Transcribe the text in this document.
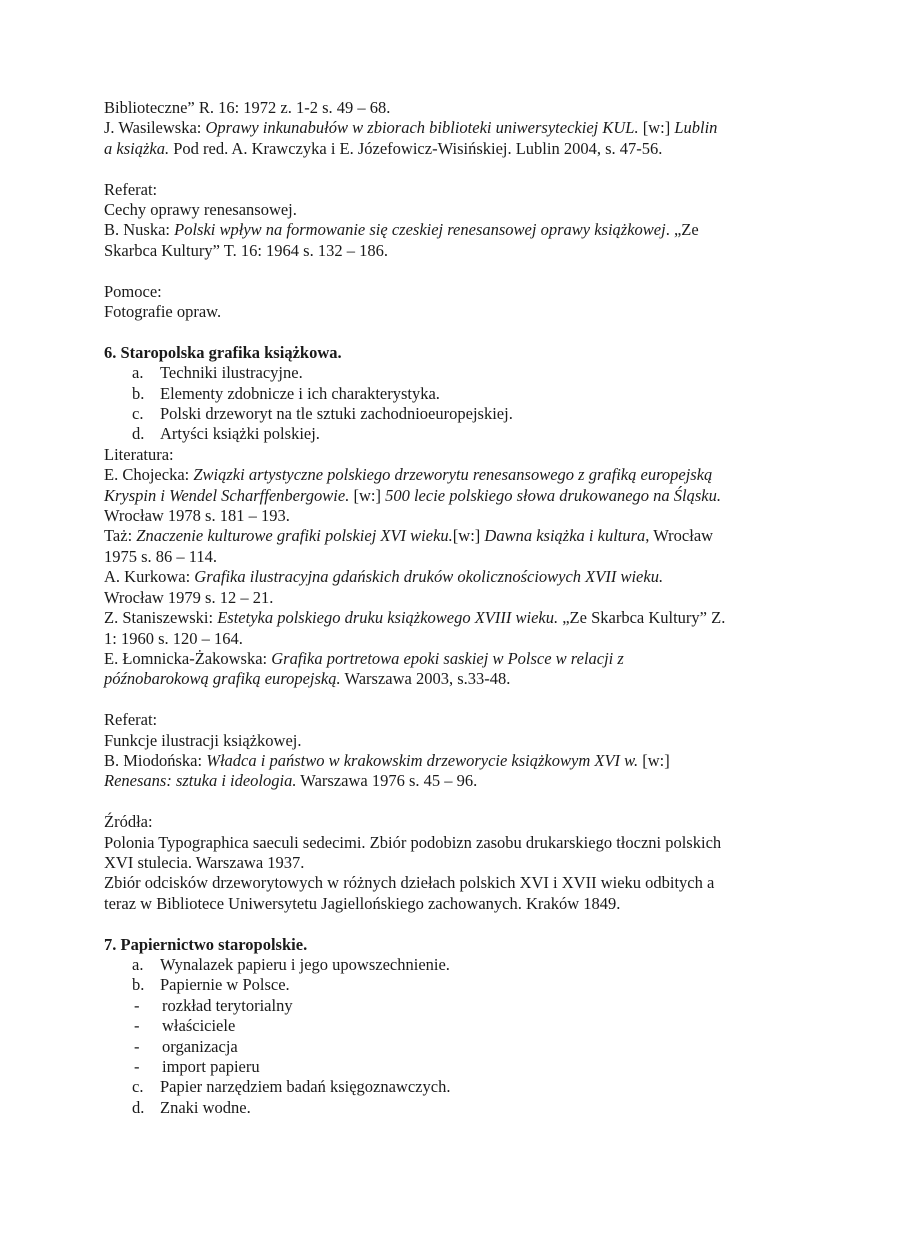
Biblioteczne” R. 16: 1972 z. 1-2 s. 49 – 68.
J. Wasilewska: Oprawy inkunabułów w zbiorach biblioteki uniwersyteckiej KUL. [w:] Lublin
a książka. Pod red. A. Krawczyka i E. Józefowicz-Wisińskiej. Lublin 2004, s. 47-56.
Referat:
Cechy oprawy renesansowej.
B. Nuska: Polski wpływ na formowanie się czeskiej renesansowej oprawy książkowej. „Ze
Skarbca Kultury” T. 16: 1964 s. 132 – 186.
Pomoce:
Fotografie opraw.
6. Staropolska grafika książkowa.
a.	Techniki ilustracyjne.
b. Elementy zdobnicze i ich charakterystyka.
c.	Polski drzeworyt na tle sztuki zachodnioeuropejskiej.
d. Artyści książki polskiej.
Literatura:
E. Chojecka: Związki artystyczne polskiego drzeworytu renesansowego z grafiką europejską
Kryspin i Wendel Scharffenbergowie. [w:] 500 lecie polskiego słowa drukowanego na Śląsku.
Wrocław 1978 s. 181 – 193.
Taż: Znaczenie kulturowe grafiki polskiej XVI wieku.[w:] Dawna książka i kultura, Wrocław
1975 s. 86 – 114.
A. Kurkowa: Grafika ilustracyjna gdańskich druków okolicznościowych XVII wieku.
Wrocław 1979 s. 12 – 21.
Z. Staniszewski: Estetyka polskiego druku książkowego XVIII wieku. „Ze Skarbca Kultury” Z.
1: 1960 s. 120 – 164.
E. Łomnicka-Żakowska: Grafika portretowa epoki saskiej w Polsce w relacji z
późnobarokową grafiką europejską. Warszawa 2003, s.33-48.
Referat:
Funkcje ilustracji książkowej.
B. Miodońska: Władca i państwo w krakowskim drzeworycie książkowym XVI w. [w:]
Renesans: sztuka i ideologia. Warszawa 1976 s. 45 – 96.
Źródła:
Polonia Typographica saeculi sedecimi. Zbiór podobizn zasobu drukarskiego tłoczni polskich
XVI stulecia. Warszawa 1937.
Zbiór odcisków drzeworytowych w różnych dziełach polskich XVI i XVII wieku odbitych a
teraz w Bibliotece Uniwersytetu Jagiellońskiego zachowanych. Kraków 1849.
7. Papiernictwo staropolskie.
a.	Wynalazek papieru i jego upowszechnienie.
b. Papiernie w Polsce.
-	rozkład terytorialny
-	właściciele
-	organizacja
-	import papieru
c.	Papier narzędziem badań księgoznawczych.
d. Znaki wodne.
